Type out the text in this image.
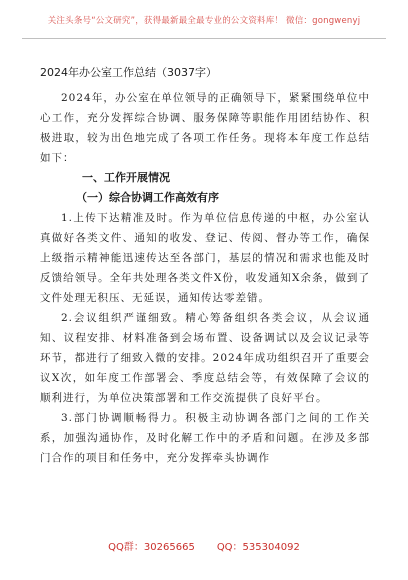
关注头条号“公文研究”，获得最新最全最专业的公文资料库！ 微信：gongwenyj
2024年办公室工作总结（3037字）

2024年，办公室在单位领导的正确领导下，紧紧围绕单位中心工作，充分发挥综合协调、服务保障等职能作用团结协作、积极进取，较为出色地完成了各项工作任务。现将本年度工作总结如下：

一、工作开展情况
（一）综合协调工作高效有序

1.上传下达精准及时。作为单位信息传递的中枢，办公室认真做好各类文件、通知的收发、登记、传阅、督办等工作，确保上级指示精神能迅速传达至各部门，基层的情况和需求也能及时反馈给领导。全年共处理各类文件X份，收发通知X余条，做到了文件处理无积压、无延误，通知传达零差错。

2.会议组织严谨细致。精心筹备组织各类会议，从会议通知、议程安排、材料准备到会场布置、设备调试以及会议记录等环节，都进行了细致入微的安排。2024年成功组织召开了重要会议X次，如年度工作部署会、季度总结会等，有效保障了会议的顺利进行，为单位决策部署和工作交流提供了良好平台。

3.部门协调顺畅得力。积极主动协调各部门之间的工作关系，加强沟通协作，及时化解工作中的矛盾和问题。在涉及多部门合作的项目和任务中，充分发挥牵头协调作

QQ群：30265665 QQ：535304092
